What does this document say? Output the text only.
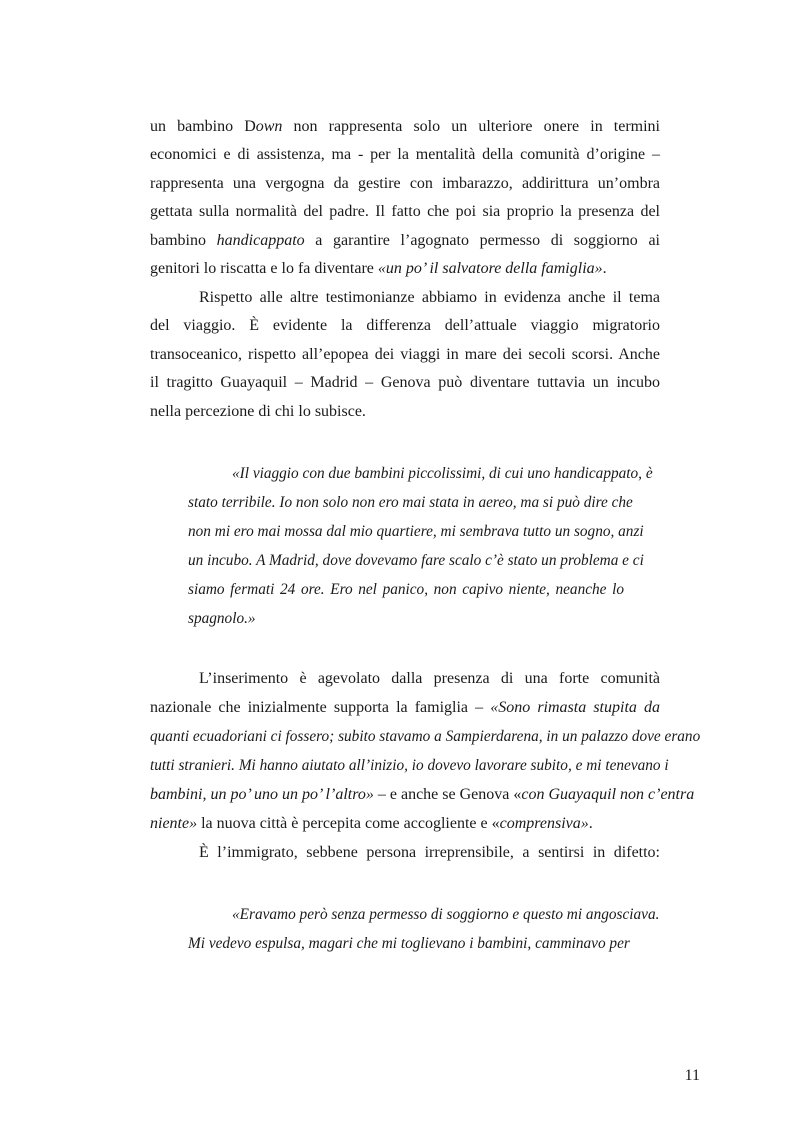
un bambino Down non rappresenta solo un ulteriore onere in termini
economici e di assistenza, ma - per la mentalità della comunità d’origine –
rappresenta una vergogna da gestire con imbarazzo, addirittura un’ombra
gettata sulla normalità del padre. Il fatto che poi sia proprio la presenza del
bambino handicappato a garantire l’agognato permesso di soggiorno ai
genitori lo riscatta e lo fa diventare «un po’ il salvatore della famiglia».
Rispetto alle altre testimonianze abbiamo in evidenza anche il tema
del viaggio. È evidente la differenza dell’attuale viaggio migratorio
transoceanico, rispetto all’epopea dei viaggi in mare dei secoli scorsi. Anche
il tragitto Guayaquil – Madrid – Genova può diventare tuttavia un incubo
nella percezione di chi lo subisce.
«Il viaggio con due bambini piccolissimi, di cui uno handicappato, è
stato terribile. Io non solo non ero mai stata in aereo, ma si può dire che
non mi ero mai mossa dal mio quartiere, mi sembrava tutto un sogno, anzi
un incubo. A Madrid, dove dovevamo fare scalo c’è stato un problema e ci
siamo fermati 24 ore. Ero nel panico, non capivo niente, neanche lo
spagnolo.»
L’inserimento è agevolato dalla presenza di una forte comunità
nazionale che inizialmente supporta la famiglia – «Sono rimasta stupita da
quanti ecuadoriani ci fossero; subito stavamo a Sampierdarena, in un palazzo dove erano
tutti stranieri. Mi hanno aiutato all’inizio, io dovevo lavorare subito, e mi tenevano i
bambini, un po’ uno un po’ l’altro» – e anche se Genova «con Guayaquil non c’entra
niente» la nuova città è percepita come accogliente e «comprensiva».
È l’immigrato, sebbene persona irreprensibile, a sentirsi in difetto:
«Eravamo però senza permesso di soggiorno e questo mi angosciava.
Mi vedevo espulsa, magari che mi toglievano i bambini, camminavo per
11
